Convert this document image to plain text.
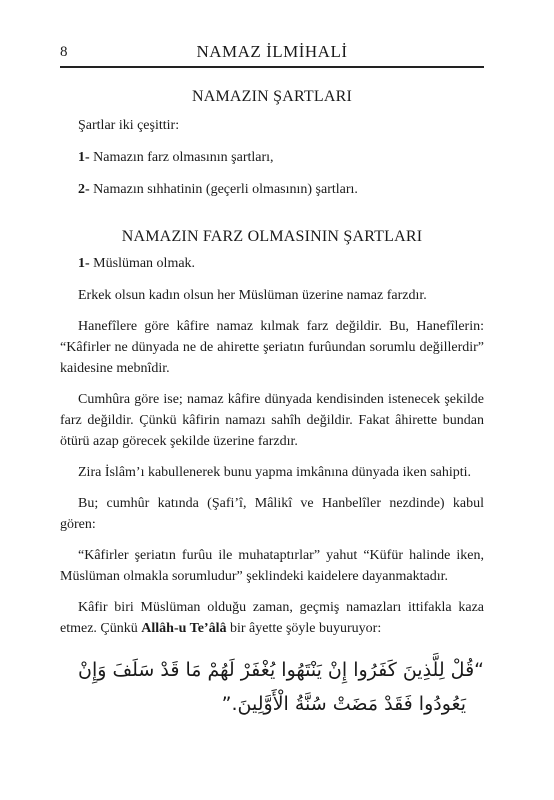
8	NAMAZ İLMİHALİ
NAMAZIN ŞARTLARI

Şartlar iki çeşittir:

1- Namazın farz olmasının şartları,

2- Namazın sıhhatinin (geçerli olmasının) şartları.

NAMAZIN FARZ OLMASININ ŞARTLARI

1- Müslüman olmak.

Erkek olsun kadın olsun her Müslüman üzerine namaz farzdır.

Hanefîlere göre kâfire namaz kılmak farz değildir. Bu, Hanefîlerin: “Kâfirler ne dünyada ne de ahirette şeriatın furûundan sorumlu değillerdir” kaidesine mebnîdir.

Cumhûra göre ise; namaz kâfire dünyada kendisinden istenecek şekilde farz değildir. Çünkü kâfirin namazı sahîh değildir. Fakat âhirette bundan ötürü azap görecek şekilde üzerine farzdır.

Zira İslâm’ı kabullenerek bunu yapma imkânına dünyada iken sahipti.

Bu; cumhûr katında (Şafi’î, Mâlikî ve Hanbelîler nezdinde) kabul gören:

“Kâfirler şeriatın furûu ile muhataptırlar” yahut “Küfür halinde iken, Müslüman olmakla sorumludur” şeklindeki kaidelere dayanmaktadır.

Kâfir biri Müslüman olduğu zaman, geçmiş namazları ittifakla kaza etmez. Çünkü Allâh-u Te’âlâ bir âyette şöyle buyuruyor:

“قُلْ لِلَّذِينَ كَفَرُوا إِنْ يَنْتَهُوا يُغْفَرْ لَهُمْ مَا قَدْ سَلَفَ وَإِنْ
يَعُودُوا فَقَدْ مَضَتْ سُنَّةُ الْأَوَّلِينَ.”
